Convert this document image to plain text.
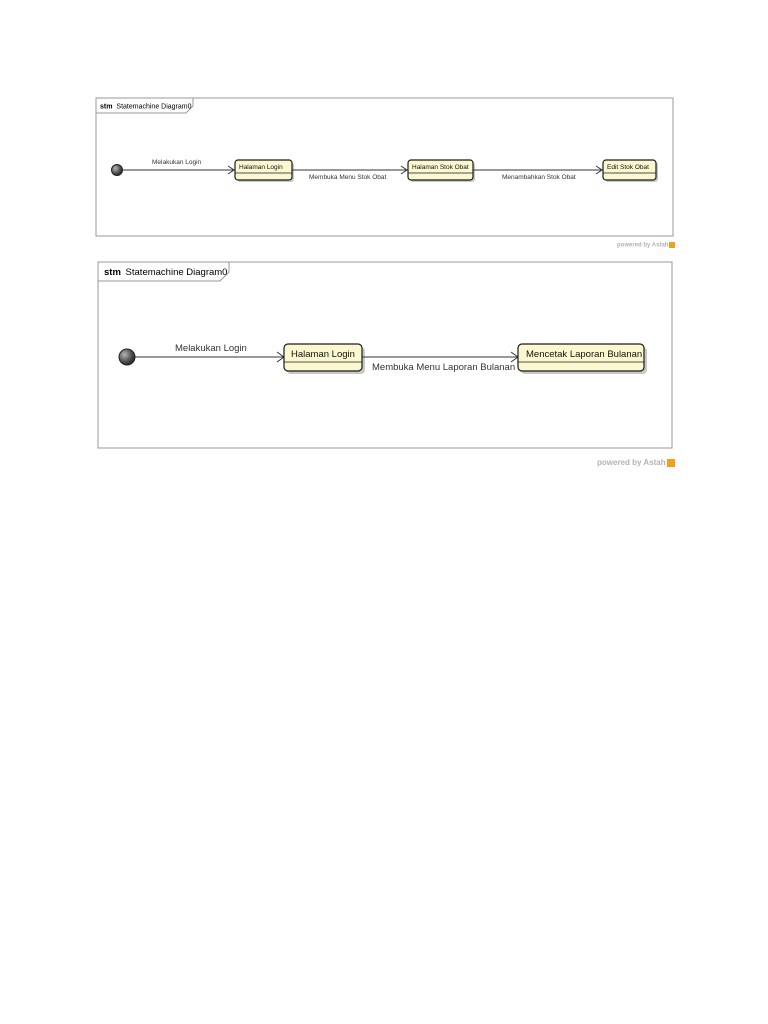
stm Statemachine Diagram0
Melakukan Login
Halaman Login
Membuka Menu Stok Obat
Halaman Stok Obat
Menambahkan Stok Obat
Edit Stok Obat
powered by Astah
stm Statemachine Diagram0
Melakukan Login
Halaman Login
Membuka Menu Laporan Bulanan
Mencetak Laporan Bulanan
powered by Astah
